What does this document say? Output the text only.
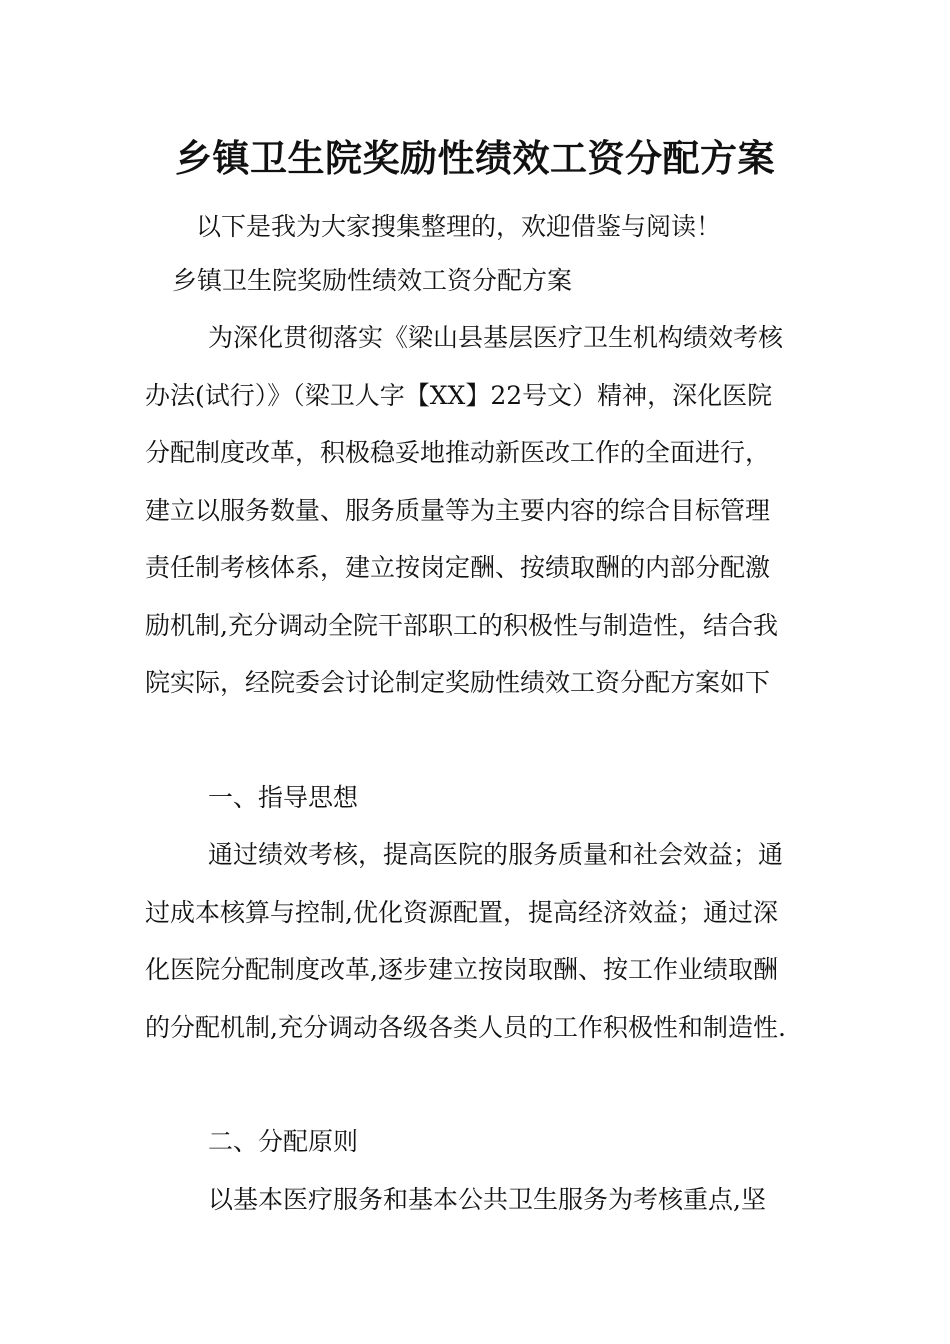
乡镇卫生院奖励性绩效工资分配方案
以下是我为大家搜集整理的，欢迎借鉴与阅读！
乡镇卫生院奖励性绩效工资分配方案
为深化贯彻落实《梁山县基层医疗卫生机构绩效考核
办法(试行）》（梁卫人字【XX】22号文）精神，深化医院
分配制度改革，积极稳妥地推动新医改工作的全面进行，
建立以服务数量、服务质量等为主要内容的综合目标管理
责任制考核体系，建立按岗定酬、按绩取酬的内部分配激
励机制,充分调动全院干部职工的积极性与制造性，结合我
院实际，经院委会讨论制定奖励性绩效工资分配方案如下
一、指导思想
通过绩效考核，提高医院的服务质量和社会效益；通
过成本核算与控制,优化资源配置，提高经济效益；通过深
化医院分配制度改革,逐步建立按岗取酬、按工作业绩取酬
的分配机制,充分调动各级各类人员的工作积极性和制造性.
二、分配原则
以基本医疗服务和基本公共卫生服务为考核重点,坚
